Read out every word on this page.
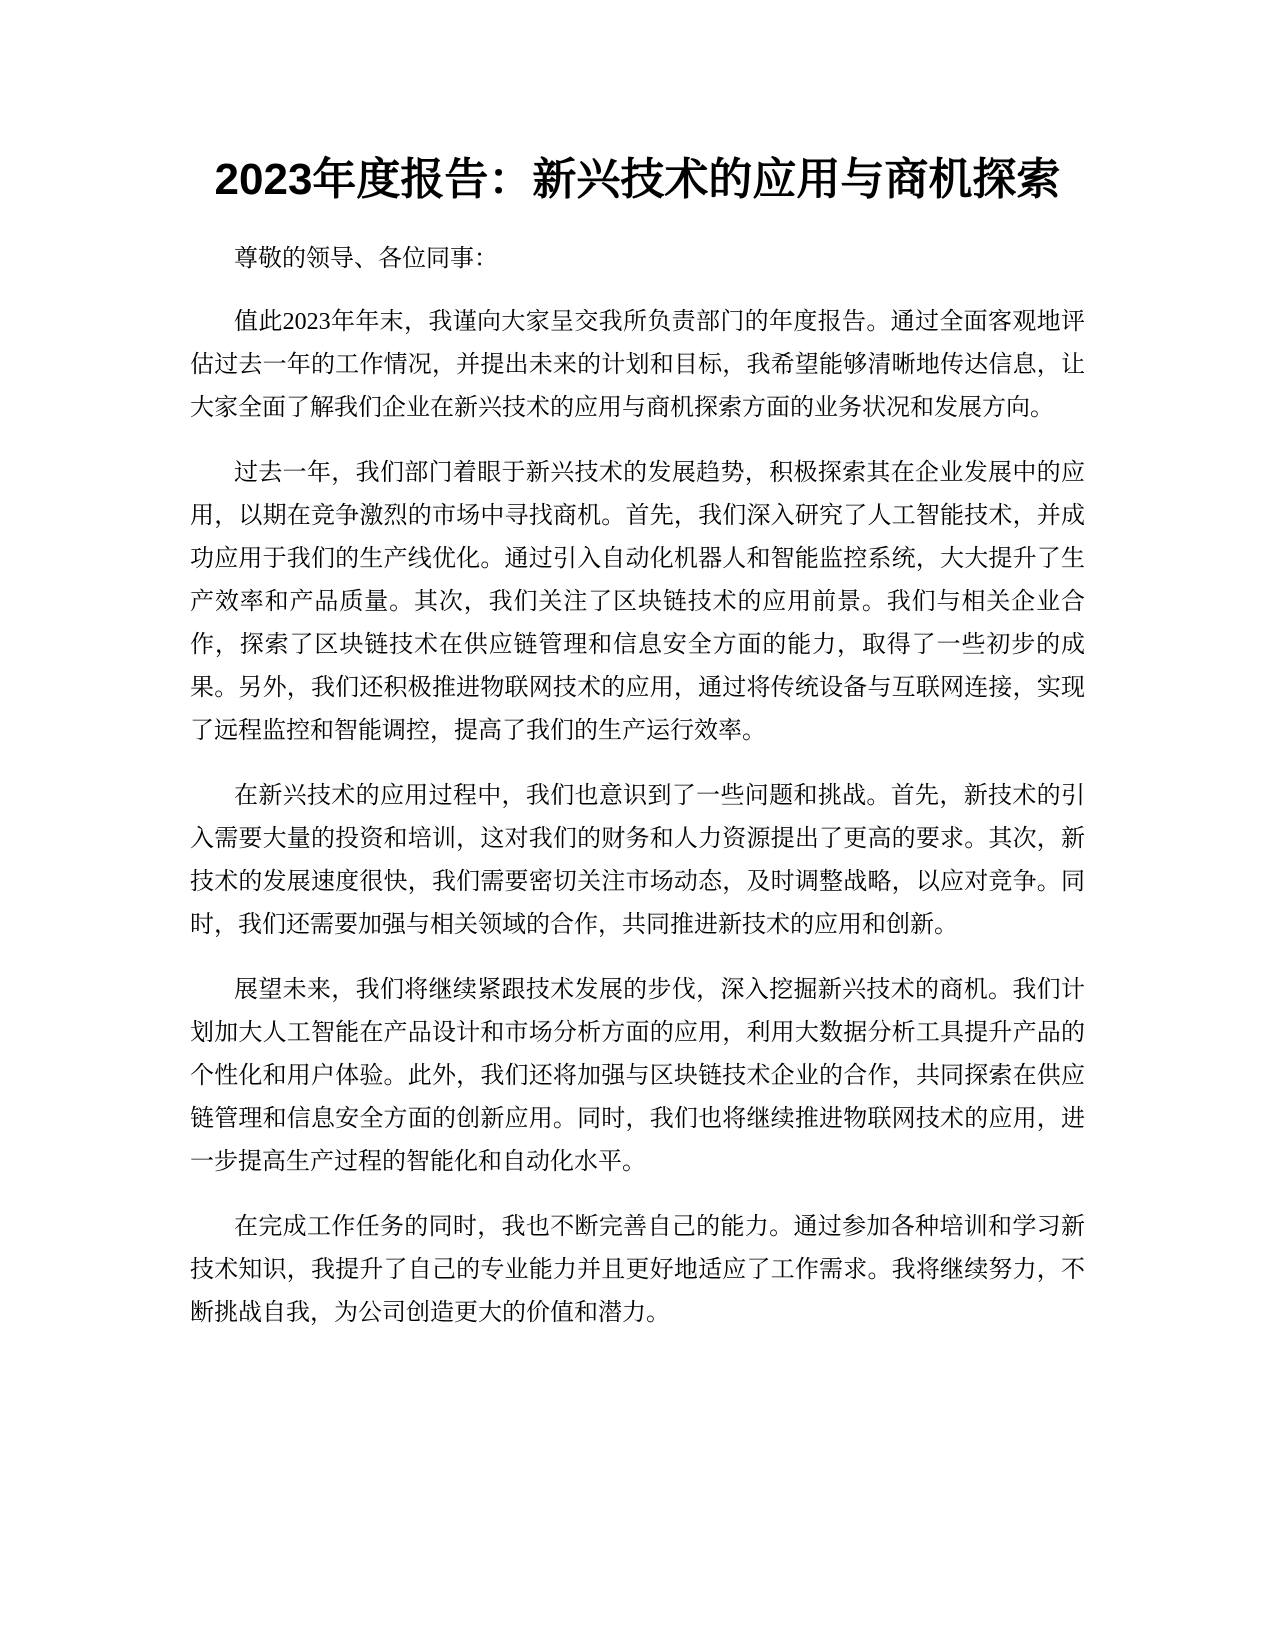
2023年度报告：新兴技术的应用与商机探索

尊敬的领导、各位同事：

值此2023年年末，我谨向大家呈交我所负责部门的年度报告。通过全面客观地评估过去一年的工作情况，并提出未来的计划和目标，我希望能够清晰地传达信息，让大家全面了解我们企业在新兴技术的应用与商机探索方面的业务状况和发展方向。

过去一年，我们部门着眼于新兴技术的发展趋势，积极探索其在企业发展中的应用，以期在竞争激烈的市场中寻找商机。首先，我们深入研究了人工智能技术，并成功应用于我们的生产线优化。通过引入自动化机器人和智能监控系统，大大提升了生产效率和产品质量。其次，我们关注了区块链技术的应用前景。我们与相关企业合作，探索了区块链技术在供应链管理和信息安全方面的能力，取得了一些初步的成果。另外，我们还积极推进物联网技术的应用，通过将传统设备与互联网连接，实现了远程监控和智能调控，提高了我们的生产运行效率。

在新兴技术的应用过程中，我们也意识到了一些问题和挑战。首先，新技术的引入需要大量的投资和培训，这对我们的财务和人力资源提出了更高的要求。其次，新技术的发展速度很快，我们需要密切关注市场动态，及时调整战略，以应对竞争。同时，我们还需要加强与相关领域的合作，共同推进新技术的应用和创新。

展望未来，我们将继续紧跟技术发展的步伐，深入挖掘新兴技术的商机。我们计划加大人工智能在产品设计和市场分析方面的应用，利用大数据分析工具提升产品的个性化和用户体验。此外，我们还将加强与区块链技术企业的合作，共同探索在供应链管理和信息安全方面的创新应用。同时，我们也将继续推进物联网技术的应用，进一步提高生产过程的智能化和自动化水平。

在完成工作任务的同时，我也不断完善自己的能力。通过参加各种培训和学习新技术知识，我提升了自己的专业能力并且更好地适应了工作需求。我将继续努力，不断挑战自我，为公司创造更大的价值和潜力。
